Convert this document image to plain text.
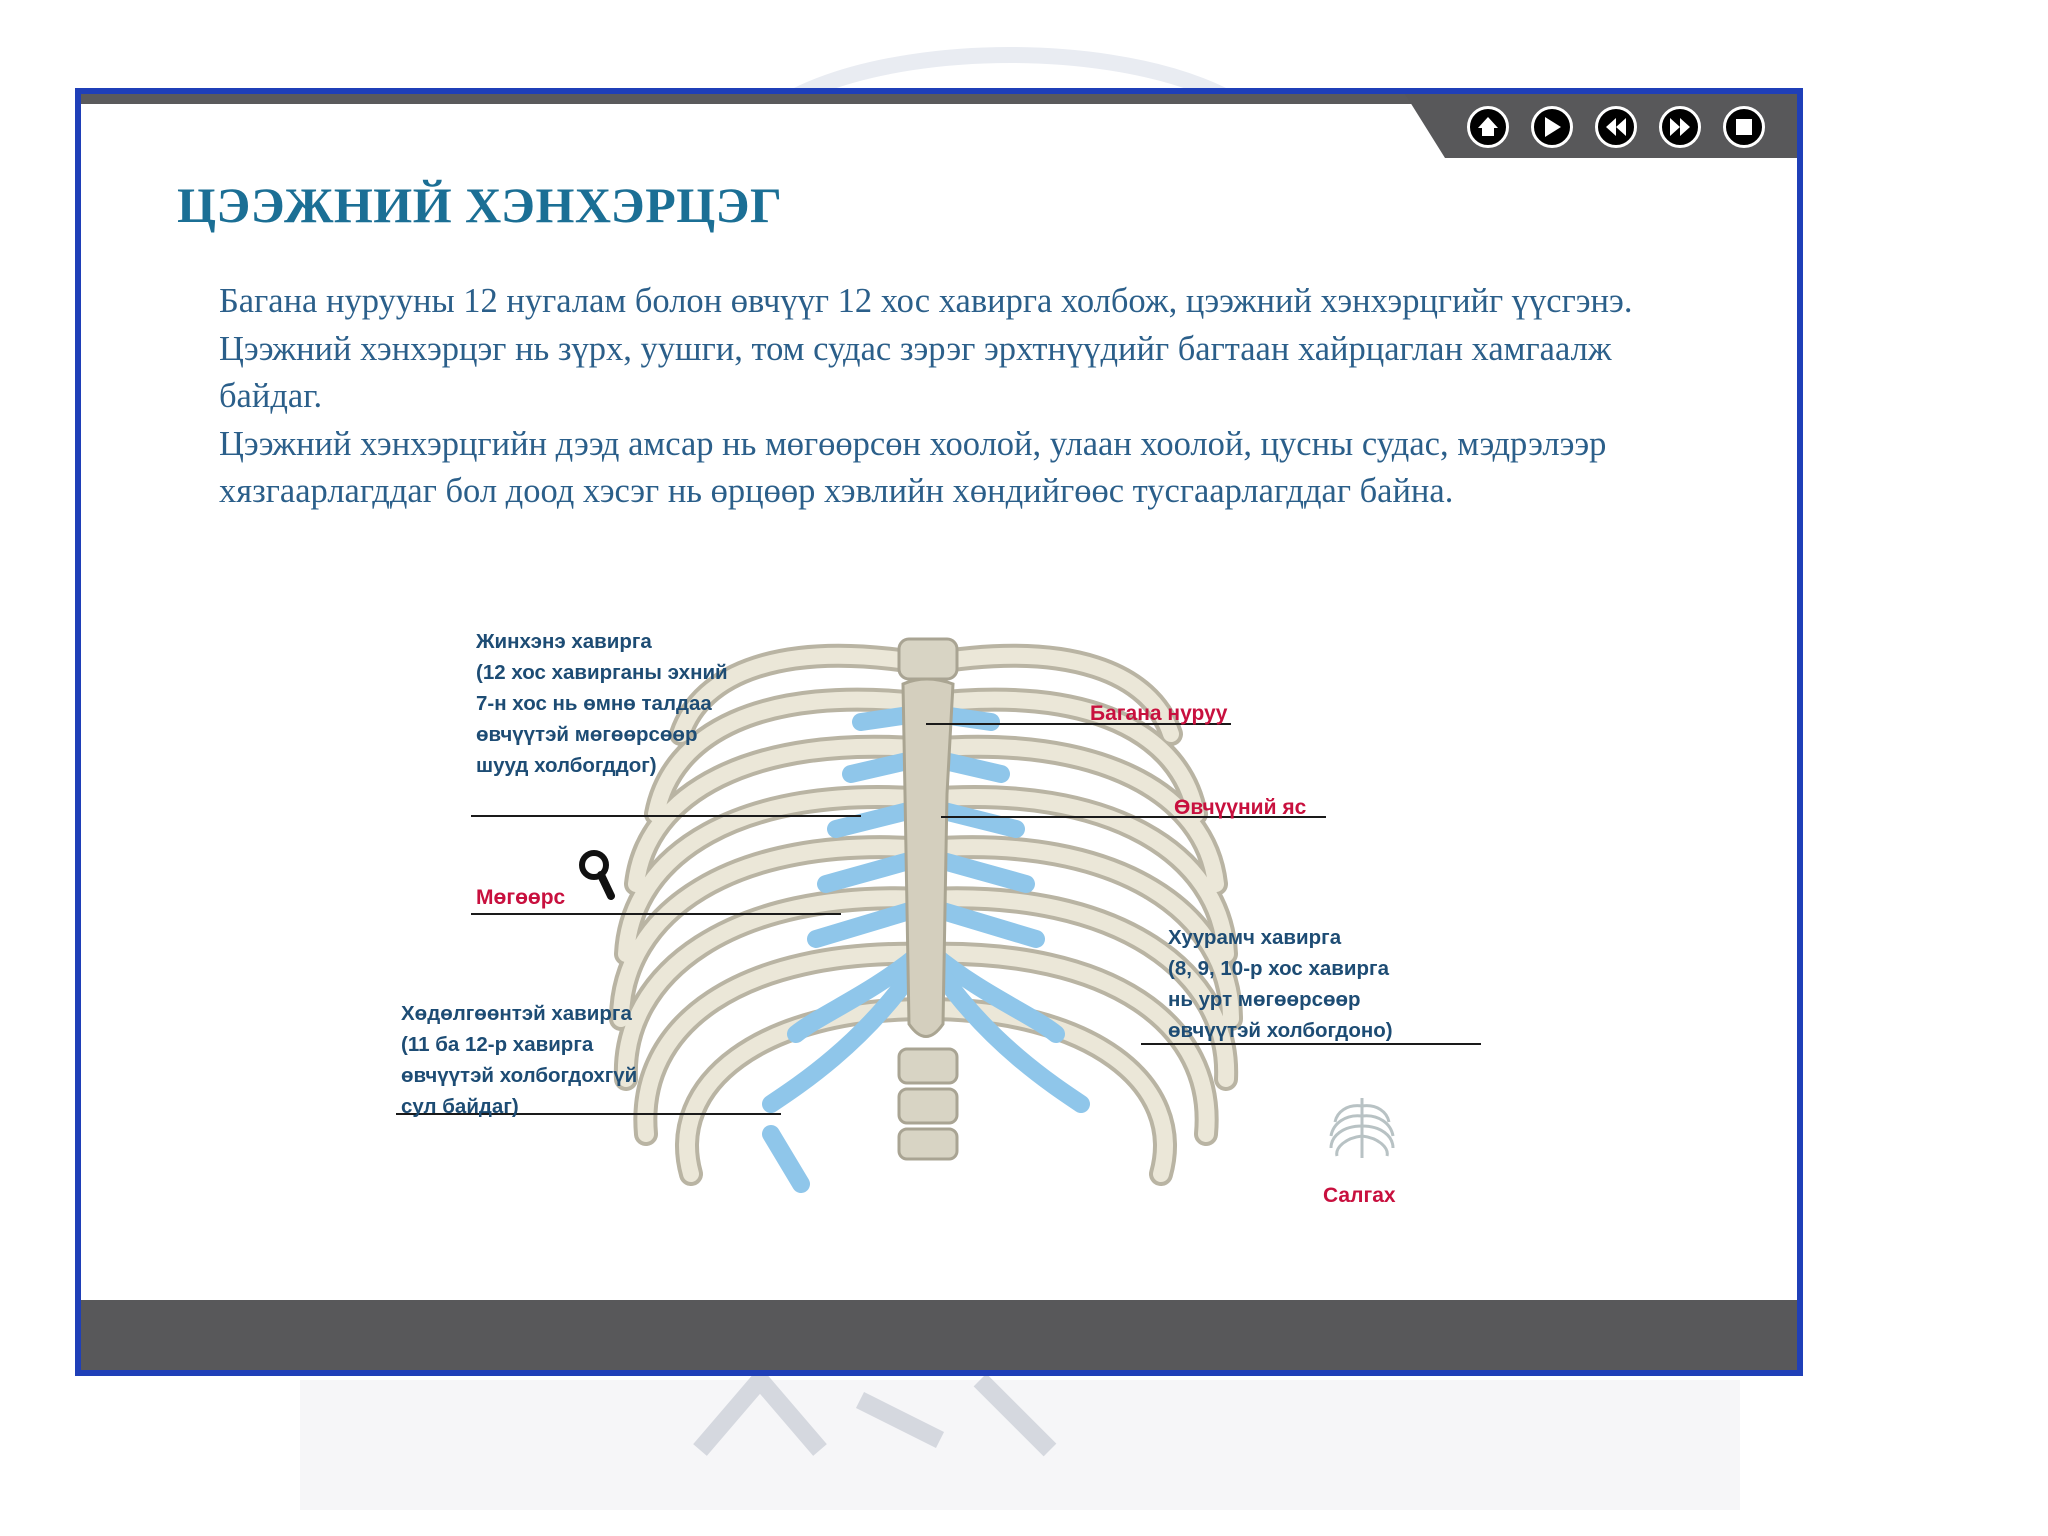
ЦЭЭЖНИЙ ХЭНХЭРЦЭГ

Багана нурууны 12 нугалам болон өвчүүг 12 хос хавирга холбож, цээжний хэнхэрцгийг үүсгэнэ.

Цээжний хэнхэрцэг нь зүрх, уушги, том судас зэрэг эрхтнүүдийг багтаан хайрцаглан хамгаалж байдаг.

Цээжний хэнхэрцгийн дээд амсар нь мөгөөрсөн хоолой, улаан хоолой, цусны судас, мэдрэлээр хязгаарлагддаг бол доод хэсэг нь өрцөөр хэвлийн хөндийгөөс тусгаарлагддаг байна.

Жинхэнэ хавирга
(12 хос хавирганы эхний
7-н хос нь өмнө талдаа
өвчүүтэй мөгөөрсөөр
шууд холбогддог)
Багана нуруу
Өвчүүний яс
Мөгөөрс
Хуурамч хавирга
(8, 9, 10-р хос хавирга
нь урт мөгөөрсөөр
өвчүүтэй холбогдоно)
Хөдөлгөөнтэй хавирга
(11 ба 12-р хавирга
өвчүүтэй холбогдохгүй
сул байдаг)
Салгах
